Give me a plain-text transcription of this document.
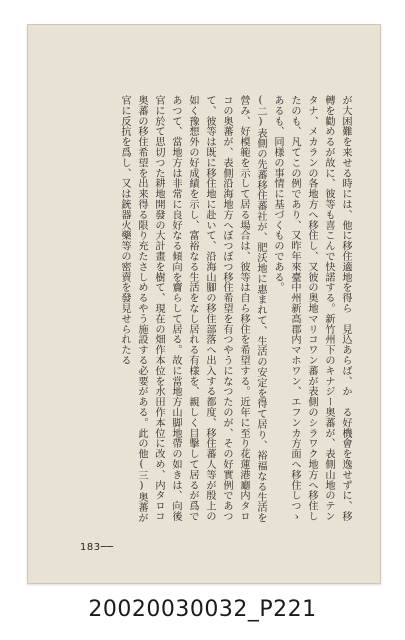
が大困難を来せる時には、他に移住適地を得ら　見込あらば、か　る好機會を逸せずに、移轉を勸めるが故に、彼等も喜こんで快諾する。新竹州下のキナジー奥蕃が、表側山地のテンタナ、メカランの各地方へ移住し、又彼の奥地マリコワン蕃が表側のシラワク地方へ移住したのも、凡てこの例であり、又昨年來臺中州新高郡内マホワン、エフンカ方面へ移住しつゝあるも、同様の事情に基づくものである。

(二)表側の先蕃移住蕃社が、肥沃地に惠まれて、生活の安定を得て居り、裕福なる生活を營み、好模範を示して居る場合は、彼等は自ら移住を希望する。近年に至り花蓮港廳内タロコの奥蕃が、表側沿海地方へぼつぼつ移住希望を有つやうになつたのが、その好實例であつて、彼等は既に移住地に赴いて、沿海山腳の移住部落へ出入する都度、移住蕃人等が殷上の如く豫想外の好成績を示し、富裕なる生活をなし居れる有様を、親しく目擊して居るが爲であつて、當地方は非常に良好なる傾向を齎らして居る。故に當地方山脚地帶の如きは、向後官に於て思切つた耕地開發の大計畫を樹て、現在の畑作本位を水田作本位に改め、内タロコ奥蕃の移住希望を出来得る限り充たさしめるやう施設する必要がある。此の他(三)奥蕃が官に反抗を爲し、又は銃器火藥等の密賣を發見せられたる

183──
20020030032_P221
